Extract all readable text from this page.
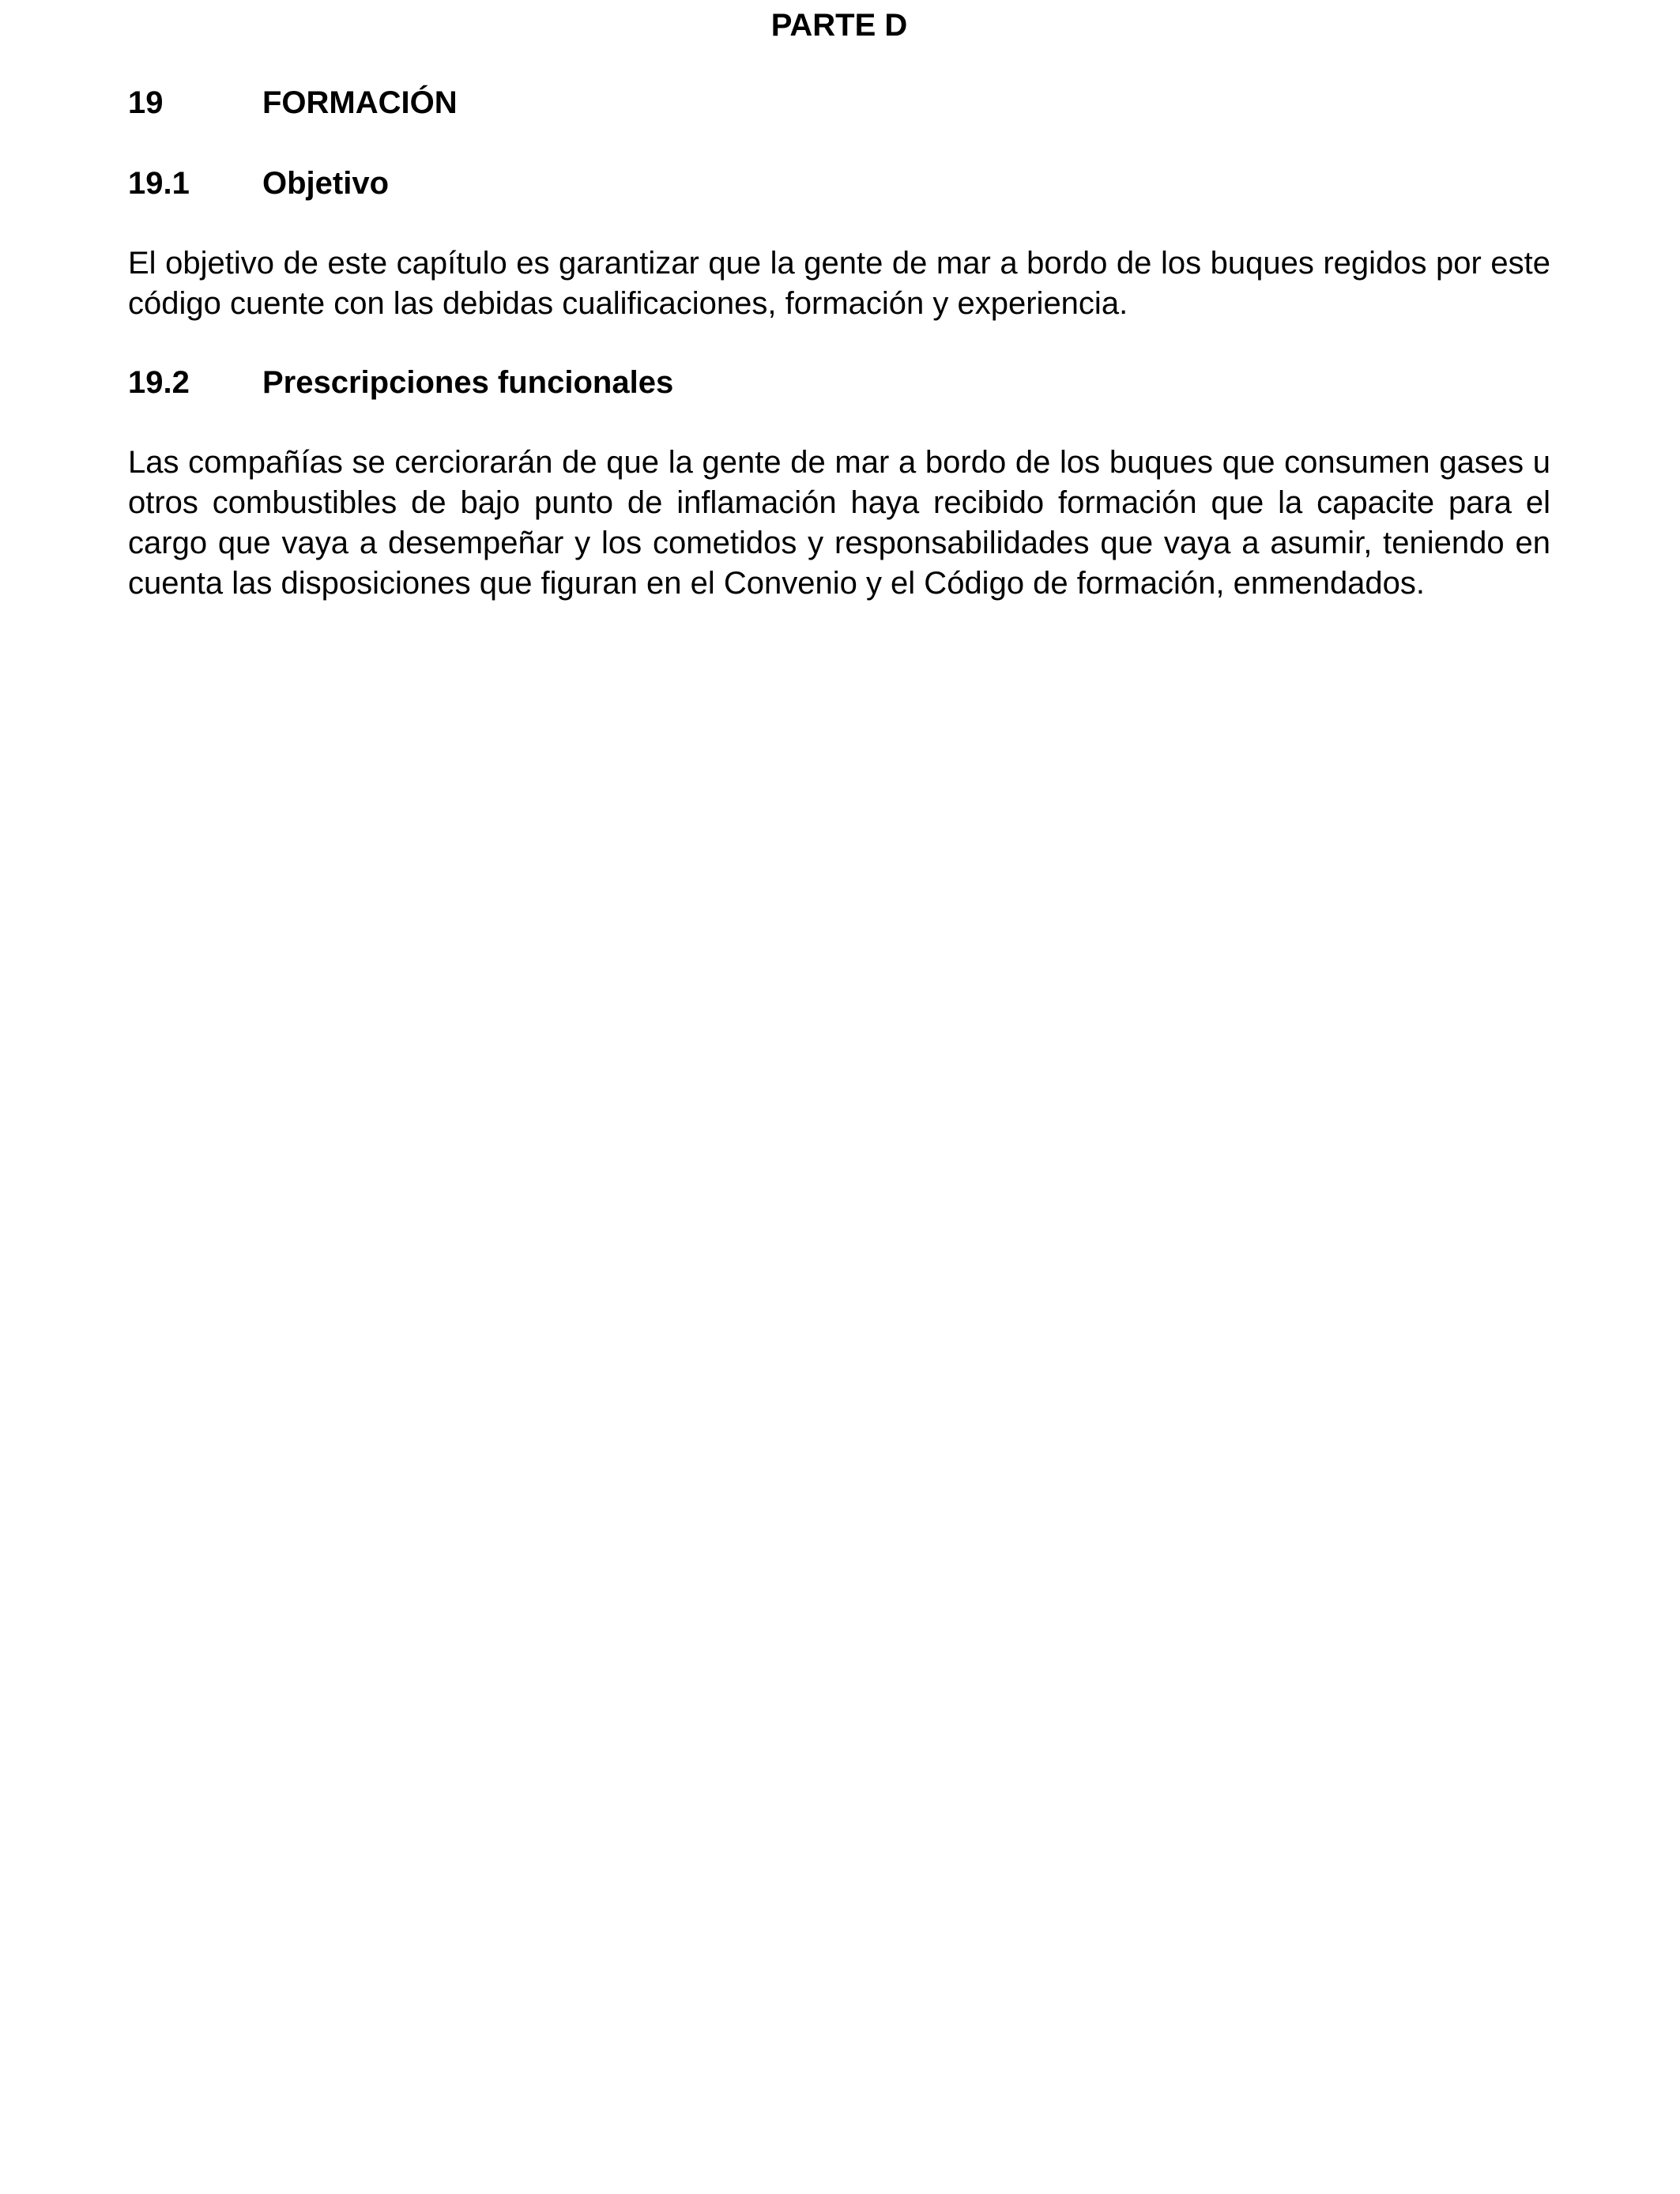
PARTE D
19	FORMACIÓN
19.1 Objetivo

El objetivo de este capítulo es garantizar que la gente de mar a bordo de los buques regidos por este código cuente con las debidas cualificaciones, formación y experiencia.

19.2 Prescripciones funcionales

Las compañías se cerciorarán de que la gente de mar a bordo de los buques que consumen gases u otros combustibles de bajo punto de inflamación haya recibido formación que la capacite para el cargo que vaya a desempeñar y los cometidos y responsabilidades que vaya a asumir, teniendo en cuenta las disposiciones que figuran en el Convenio y el Código de formación, enmendados.
